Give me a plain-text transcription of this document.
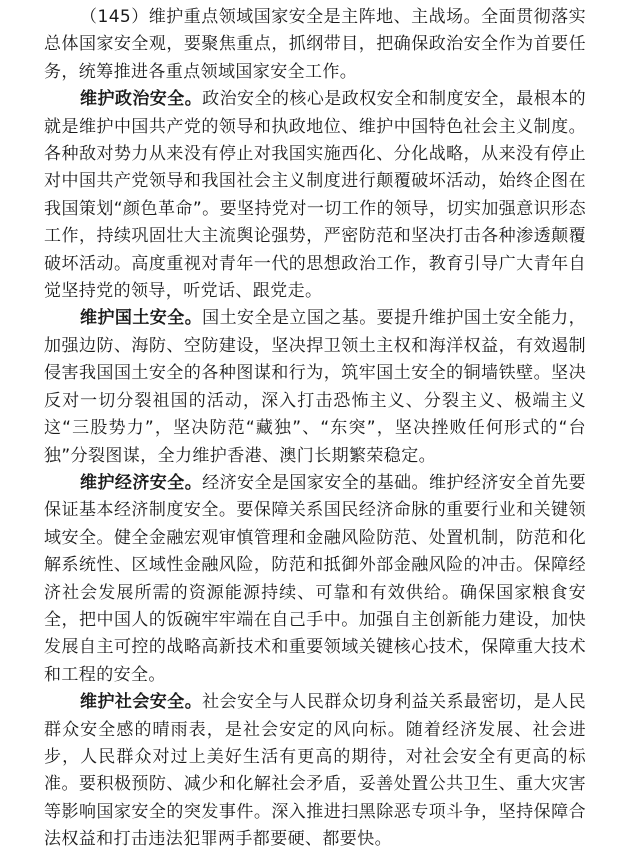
（145）维护重点领域国家安全是主阵地、主战场。全面贯彻落实总体国家安全观，要聚焦重点，抓纲带目，把确保政治安全作为首要任务，统筹推进各重点领域国家安全工作。

维护政治安全。政治安全的核心是政权安全和制度安全，最根本的就是维护中国共产党的领导和执政地位、维护中国特色社会主义制度。各种敌对势力从来没有停止对我国实施西化、分化战略，从来没有停止对中国共产党领导和我国社会主义制度进行颠覆破坏活动，始终企图在我国策划“颜色革命”。要坚持党对一切工作的领导，切实加强意识形态工作，持续巩固壮大主流舆论强势，严密防范和坚决打击各种渗透颠覆破坏活动。高度重视对青年一代的思想政治工作，教育引导广大青年自觉坚持党的领导，听党话、跟党走。

维护国土安全。国土安全是立国之基。要提升维护国土安全能力，加强边防、海防、空防建设，坚决捍卫领土主权和海洋权益，有效遏制侵害我国国土安全的各种图谋和行为，筑牢国土安全的铜墙铁壁。坚决反对一切分裂祖国的活动，深入打击恐怖主义、分裂主义、极端主义这“三股势力”，坚决防范“藏独”、“东突”，坚决挫败任何形式的“台独”分裂图谋，全力维护香港、澳门长期繁荣稳定。

维护经济安全。经济安全是国家安全的基础。维护经济安全首先要保证基本经济制度安全。要保障关系国民经济命脉的重要行业和关键领域安全。健全金融宏观审慎管理和金融风险防范、处置机制，防范和化解系统性、区域性金融风险，防范和抵御外部金融风险的冲击。保障经济社会发展所需的资源能源持续、可靠和有效供给。确保国家粮食安全，把中国人的饭碗牢牢端在自己手中。加强自主创新能力建设，加快发展自主可控的战略高新技术和重要领域关键核心技术，保障重大技术和工程的安全。

维护社会安全。社会安全与人民群众切身利益关系最密切，是人民群众安全感的晴雨表，是社会安定的风向标。随着经济发展、社会进步，人民群众对过上美好生活有更高的期待，对社会安全有更高的标准。要积极预防、减少和化解社会矛盾，妥善处置公共卫生、重大灾害等影响国家安全的突发事件。深入推进扫黑除恶专项斗争，坚持保障合法权益和打击违法犯罪两手都要硬、都要快。
